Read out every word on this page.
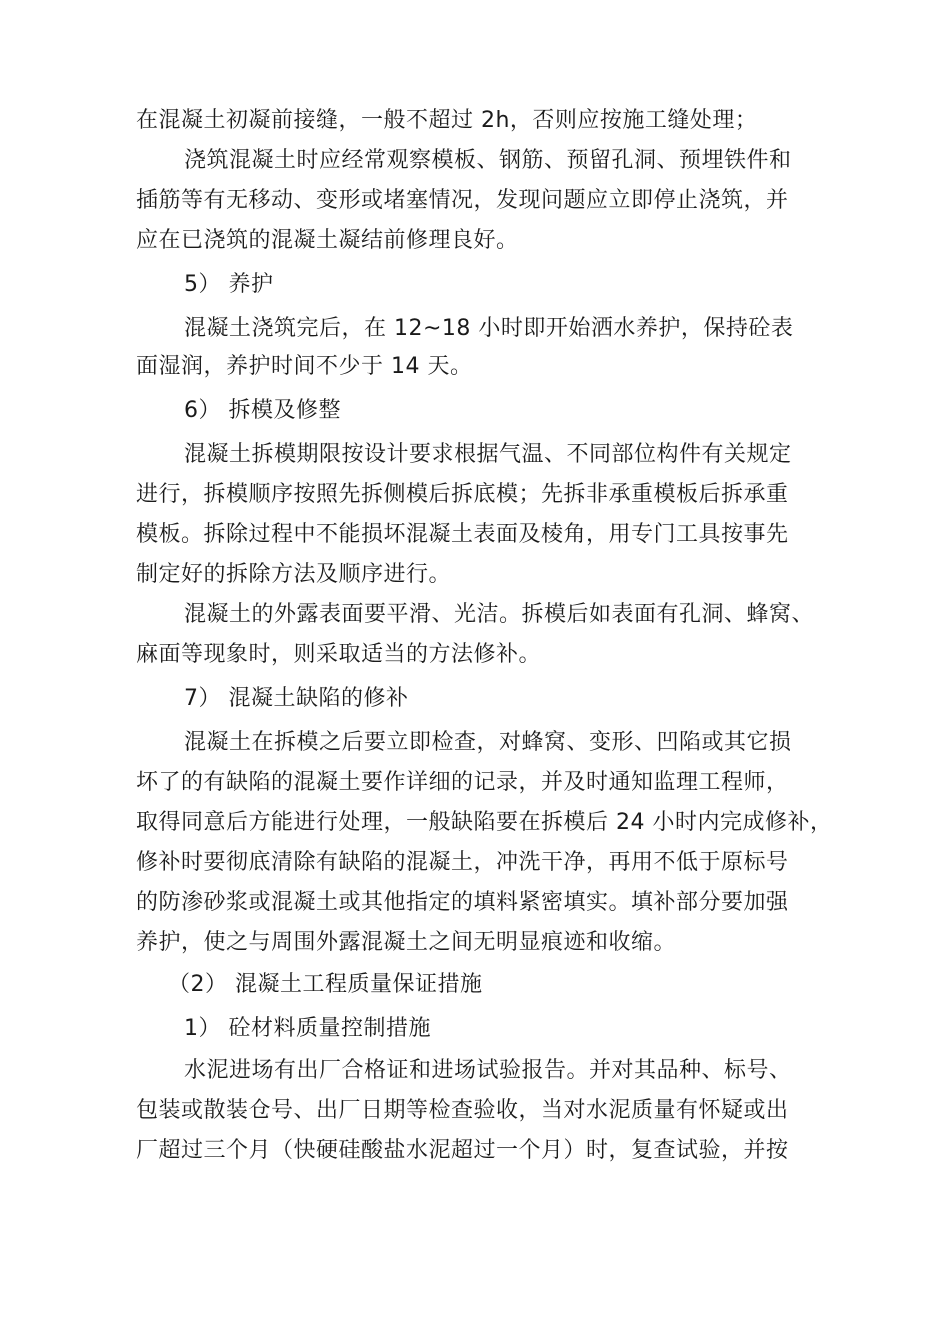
在混凝土初凝前接缝，一般不超过 2h，否则应按施工缝处理；
浇筑混凝土时应经常观察模板、钢筋、预留孔洞、预埋铁件和
插筋等有无移动、变形或堵塞情况，发现问题应立即停止浇筑，并
应在已浇筑的混凝土凝结前修理良好。
5） 养护
混凝土浇筑完后，在 12~18 小时即开始洒水养护，保持砼表
面湿润，养护时间不少于 14 天。
6） 拆模及修整
混凝土拆模期限按设计要求根据气温、不同部位构件有关规定
进行，拆模顺序按照先拆侧模后拆底模；先拆非承重模板后拆承重
模板。拆除过程中不能损坏混凝土表面及棱角，用专门工具按事先
制定好的拆除方法及顺序进行。
混凝土的外露表面要平滑、光洁。拆模后如表面有孔洞、蜂窝、
麻面等现象时，则采取适当的方法修补。
7） 混凝土缺陷的修补
混凝土在拆模之后要立即检查，对蜂窝、变形、凹陷或其它损
坏了的有缺陷的混凝土要作详细的记录，并及时通知监理工程师，
取得同意后方能进行处理，一般缺陷要在拆模后 24 小时内完成修补，
修补时要彻底清除有缺陷的混凝土，冲洗干净，再用不低于原标号
的防渗砂浆或混凝土或其他指定的填料紧密填实。填补部分要加强
养护，使之与周围外露混凝土之间无明显痕迹和收缩。
（2） 混凝土工程质量保证措施
1） 砼材料质量控制措施
水泥进场有出厂合格证和进场试验报告。并对其品种、标号、
包装或散装仓号、出厂日期等检查验收，当对水泥质量有怀疑或出
厂超过三个月（快硬硅酸盐水泥超过一个月）时，复查试验，并按
